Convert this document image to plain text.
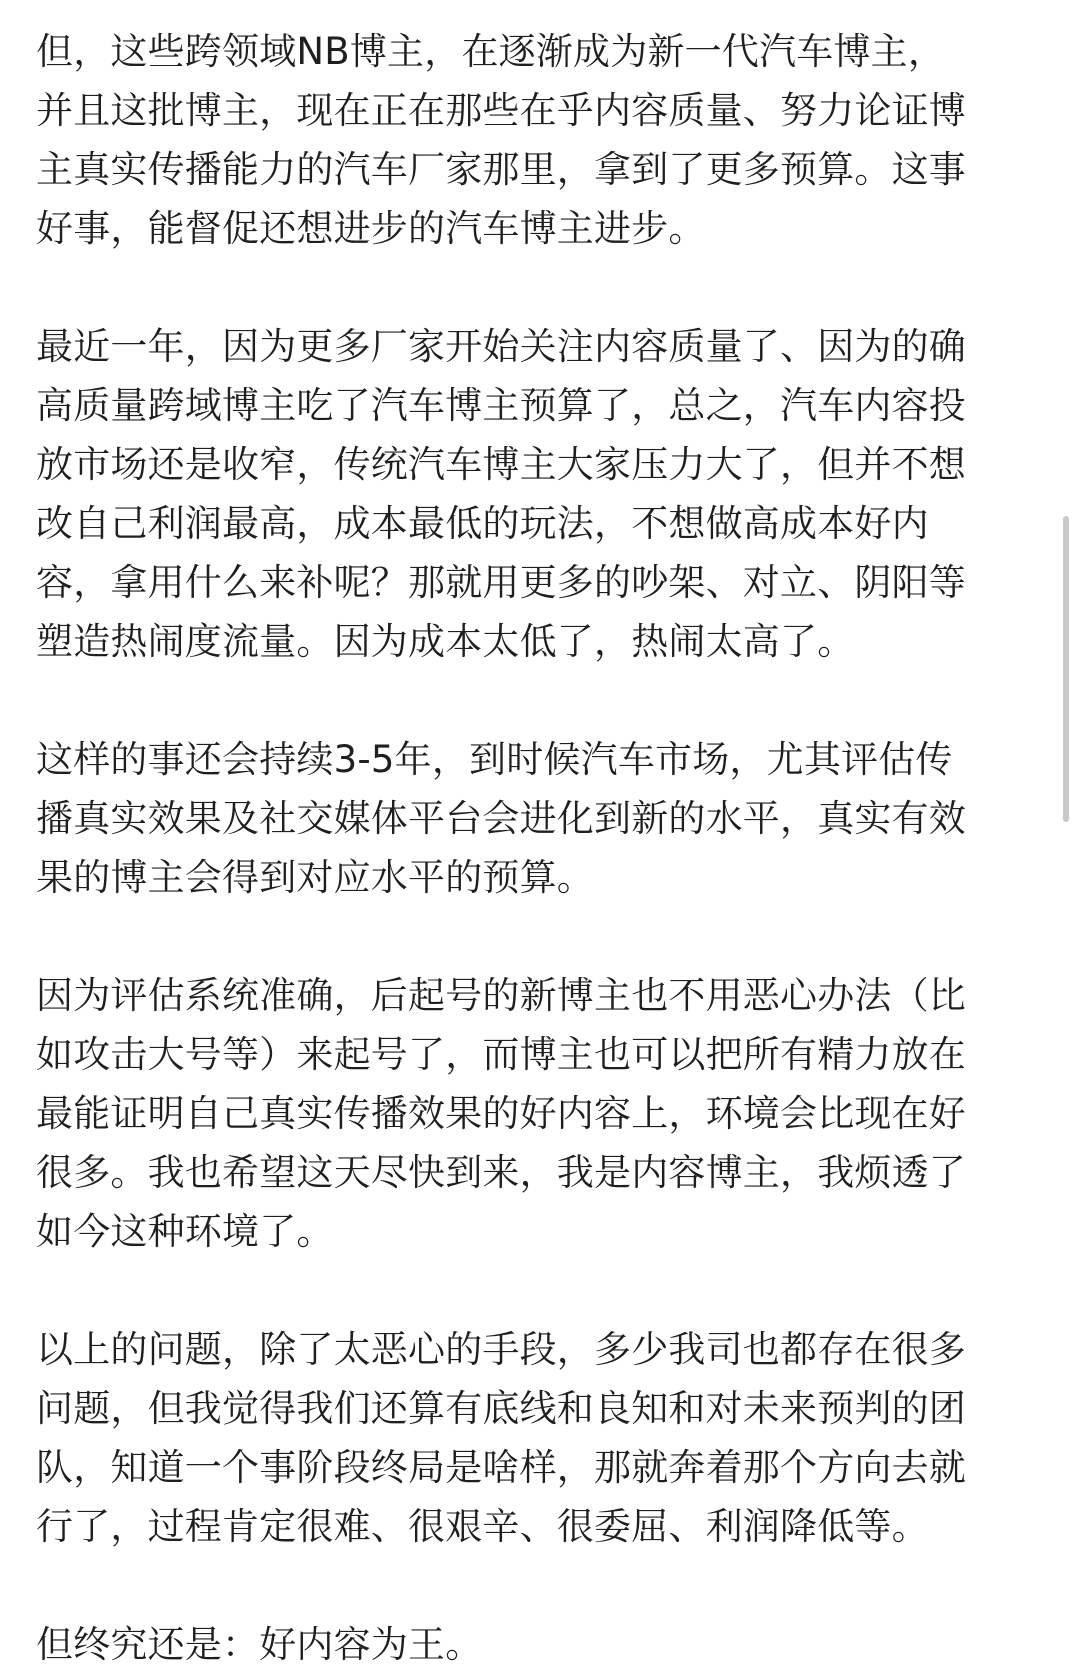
但，这些跨领域NB博主，在逐渐成为新一代汽车博主，
并且这批博主，现在正在那些在乎内容质量、努力论证博
主真实传播能力的汽车厂家那里，拿到了更多预算。这事
好事，能督促还想进步的汽车博主进步。
最近一年，因为更多厂家开始关注内容质量了、因为的确
高质量跨域博主吃了汽车博主预算了，总之，汽车内容投
放市场还是收窄，传统汽车博主大家压力大了，但并不想
改自己利润最高，成本最低的玩法，不想做高成本好内
容，拿用什么来补呢？那就用更多的吵架、对立、阴阳等
塑造热闹度流量。因为成本太低了，热闹太高了。
这样的事还会持续3-5年，到时候汽车市场，尤其评估传
播真实效果及社交媒体平台会进化到新的水平，真实有效
果的博主会得到对应水平的预算。
因为评估系统准确，后起号的新博主也不用恶心办法（比
如攻击大号等）来起号了，而博主也可以把所有精力放在
最能证明自己真实传播效果的好内容上，环境会比现在好
很多。我也希望这天尽快到来，我是内容博主，我烦透了
如今这种环境了。
以上的问题，除了太恶心的手段，多少我司也都存在很多
问题，但我觉得我们还算有底线和良知和对未来预判的团
队，知道一个事阶段终局是啥样，那就奔着那个方向去就
行了，过程肯定很难、很艰辛、很委屈、利润降低等。
但终究还是：好内容为王。
